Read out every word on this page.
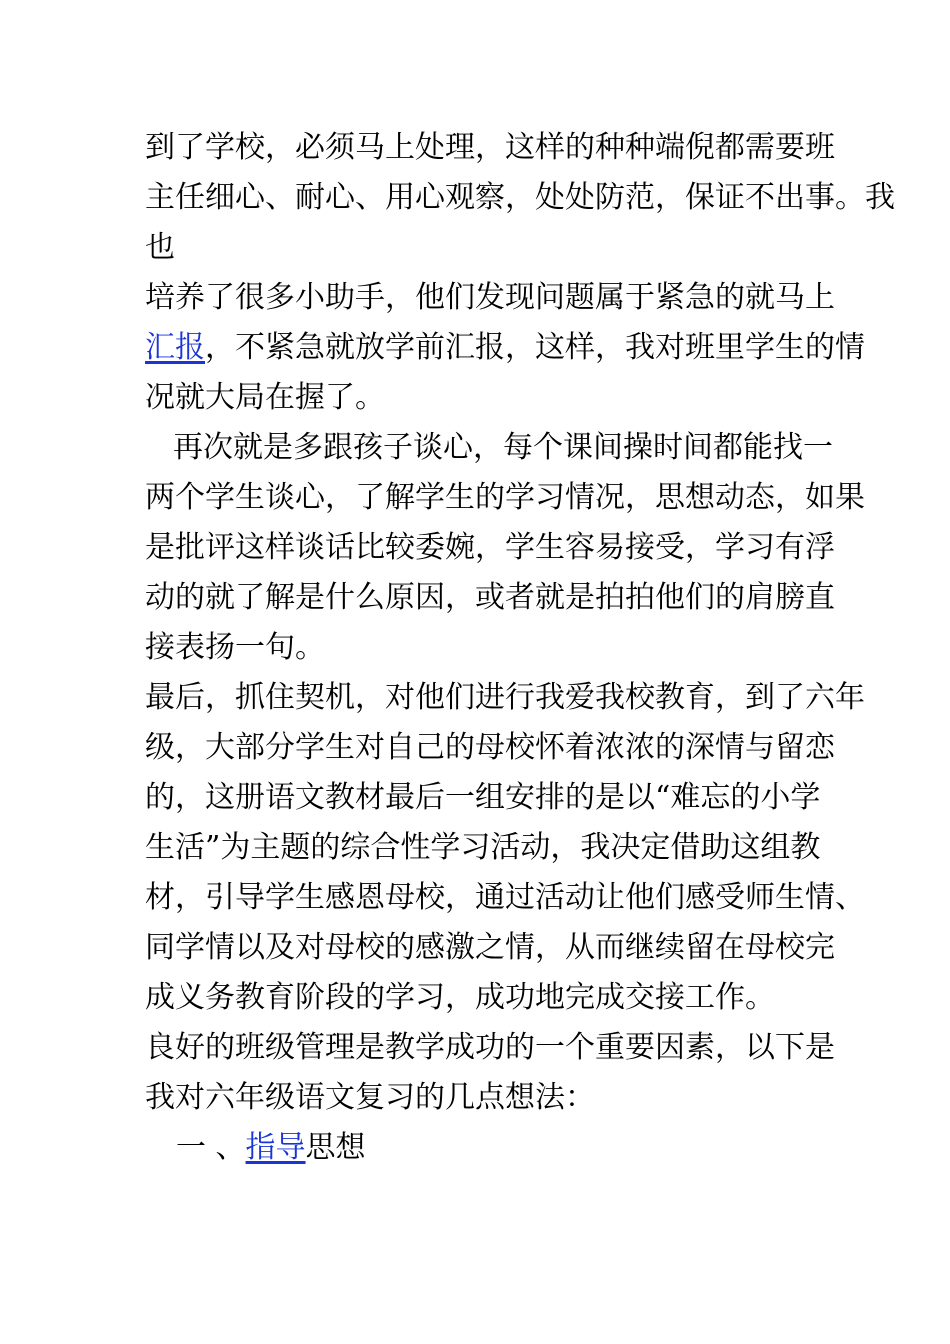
到了学校，必须马上处理，这样的种种端倪都需要班
主任细心、耐心、用心观察，处处防范，保证不出事。我
也
培养了很多小助手，他们发现问题属于紧急的就马上
汇报，不紧急就放学前汇报，这样，我对班里学生的情
况就大局在握了。
再次就是多跟孩子谈心，每个课间操时间都能找一
两个学生谈心，了解学生的学习情况，思想动态，如果
是批评这样谈话比较委婉，学生容易接受，学习有浮
动的就了解是什么原因，或者就是拍拍他们的肩膀直
接表扬一句。
最后，抓住契机，对他们进行我爱我校教育，到了六年
级，大部分学生对自己的母校怀着浓浓的深情与留恋
的，这册语文教材最后一组安排的是以“难忘的小学
生活”为主题的综合性学习活动，我决定借助这组教
材，引导学生感恩母校，通过活动让他们感受师生情、
同学情以及对母校的感激之情，从而继续留在母校完
成义务教育阶段的学习，成功地完成交接工作。
良好的班级管理是教学成功的一个重要因素，以下是
我对六年级语文复习的几点想法：
一 、指导思想
